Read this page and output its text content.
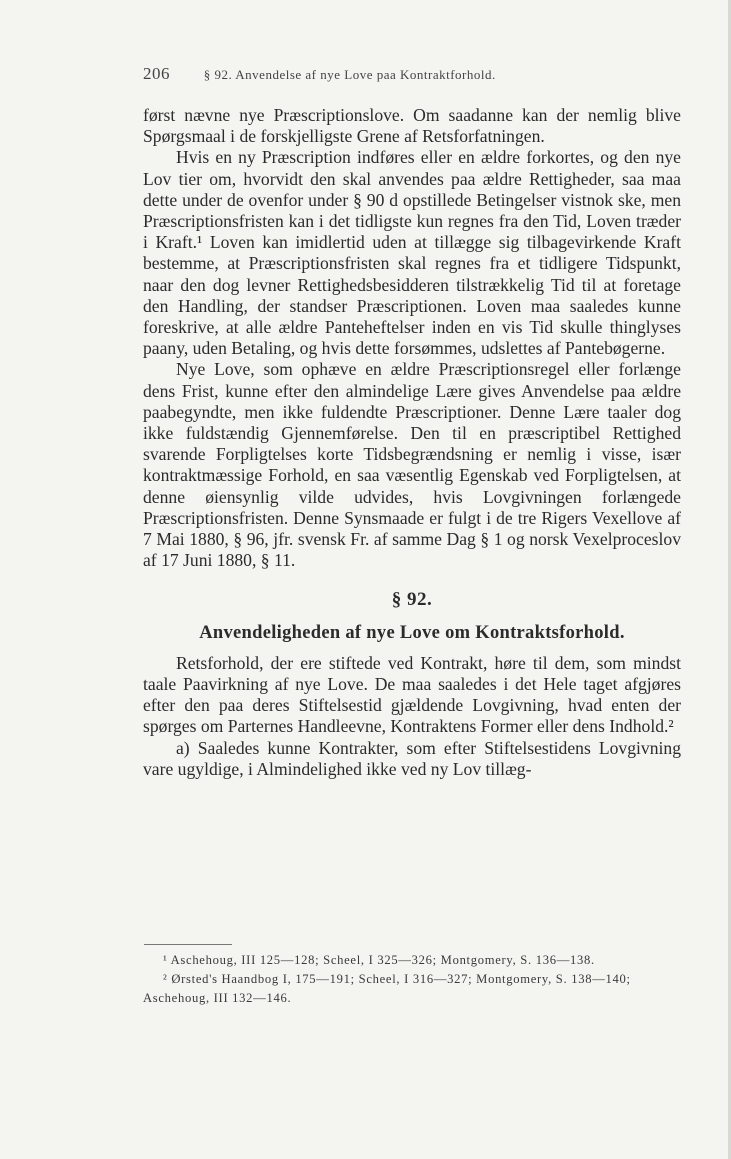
206	§ 92. Anvendelse af nye Love paa Kontraktforhold.

først nævne nye Præscriptionslove. Om saadanne kan der nemlig blive Spørgsmaal i de forskjelligste Grene af Retsforfatningen.

Hvis en ny Præscription indføres eller en ældre forkortes, og den nye Lov tier om, hvorvidt den skal anvendes paa ældre Rettigheder, saa maa dette under de ovenfor under § 90 d opstillede Betingelser vistnok ske, men Præscriptionsfristen kan i det tidligste kun regnes fra den Tid, Loven træder i Kraft.¹ Loven kan imidlertid uden at tillægge sig tilbagevirkende Kraft bestemme, at Præscriptionsfristen skal regnes fra et tidligere Tidspunkt, naar den dog levner Rettighedsbesidderen tilstrækkelig Tid til at foretage den Handling, der standser Præscriptionen. Loven maa saaledes kunne foreskrive, at alle ældre Panteheftelser inden en vis Tid skulle thinglyses paany, uden Betaling, og hvis dette forsømmes, udslettes af Pantebøgerne.

Nye Love, som ophæve en ældre Præscriptionsregel eller forlænge dens Frist, kunne efter den almindelige Lære gives Anvendelse paa ældre paabegyndte, men ikke fuldendte Præscriptioner. Denne Lære taaler dog ikke fuldstændig Gjennemførelse. Den til en præscriptibel Rettighed svarende Forpligtelses korte Tidsbegrændsning er nemlig i visse, især kontraktmæssige Forhold, en saa væsentlig Egenskab ved Forpligtelsen, at denne øiensynlig vilde udvides, hvis Lovgivningen forlængede Præscriptionsfristen. Denne Synsmaade er fulgt i de tre Rigers Vexellove af 7 Mai 1880, § 96, jfr. svensk Fr. af samme Dag § 1 og norsk Vexelproceslov af 17 Juni 1880, § 11.

§ 92.
Anvendeligheden af nye Love om Kontraktsforhold.

Retsforhold, der ere stiftede ved Kontrakt, høre til dem, som mindst taale Paavirkning af nye Love. De maa saaledes i det Hele taget afgjøres efter den paa deres Stiftelsestid gjældende Lovgivning, hvad enten der spørges om Parternes Handleevne, Kontraktens Former eller dens Indhold.²

a) Saaledes kunne Kontrakter, som efter Stiftelsestidens Lovgivning vare ugyldige, i Almindelighed ikke ved ny Lov tillæg-

¹ Aschehoug, III 125—128; Scheel, I 325—326; Montgomery, S. 136—138.

² Ørsted's Haandbog I, 175—191; Scheel, I 316—327; Montgomery, S. 138—140; Aschehoug, III 132—146.
